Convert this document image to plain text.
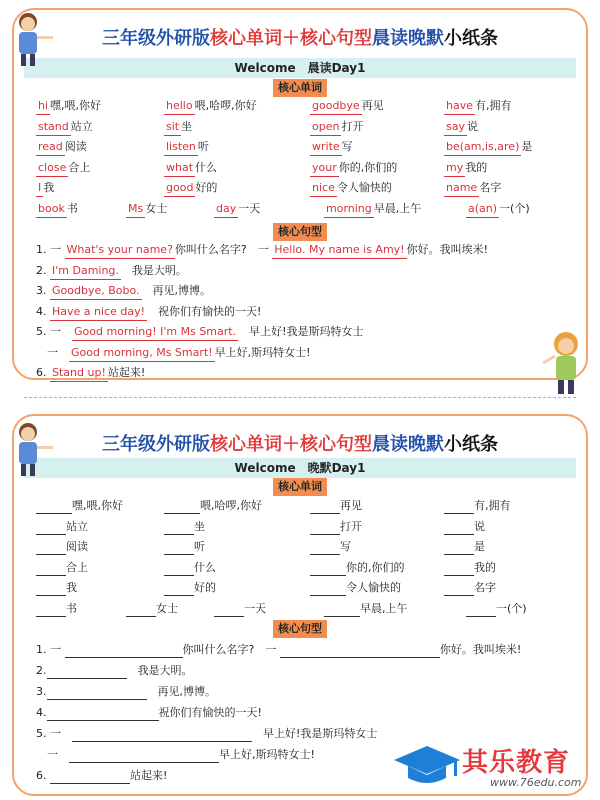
三年级外研版核心单词＋核心句型晨读晚默小纸条
Welcome　晨读Day1
核心单词
hi 嘿,喂,你好	hello 喂,哈啰,你好	goodbye 再见	have 有,拥有
stand 站立	sit 坐	open 打开	say 说
read 阅读	listen 听	write 写	be(am,is,are) 是
close 合上	what 什么	your 你的,你们的	my 我的
I 我	good 好的	nice 令人愉快的	name 名字
book 书	Ms 女士	day 一天	morning 早晨,上午	a(an) 一(个)
核心句型
1. 一 What's your name? 你叫什么名字?　一 Hello. My name is Amy! 你好。我叫埃米!
2. I'm Daming.　我是大明。
3. Goodbye, Bobo.　再见,博博。
4. Have a nice day!　祝你们有愉快的一天!
5. 一　Good morning! I'm Ms Smart.　早上好!我是斯玛特女士
　一　Good morning, Ms Smart! 早上好,斯玛特女士!
6. Stand up! 站起来!
三年级外研版核心单词＋核心句型晨读晚默小纸条
Welcome　晚默Day1
核心单词
嘿,喂,你好	喂,哈啰,你好	再见	有,拥有
站立	坐	打开	说
阅读	听	写	是
合上	什么	你的,你们的	我的
我	好的	令人愉快的	名字
书	女士	一天	早晨,上午	一(个)
核心句型
1. 一	你叫什么名字?　一	你好。我叫埃米!
2.	　我是大明。
3.	　再见,博博。
4.	祝你们有愉快的一天!
5. 一　	　早上好!我是斯玛特女士
　一　	早上好,斯玛特女士!
6.	站起来!	其乐教育
www.76edu.com
